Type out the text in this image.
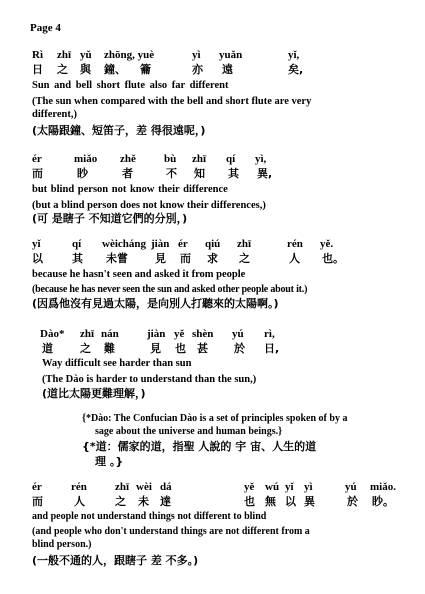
Page 4
Rì zhī yǔ zhōng, yuè	yì yuǎn	yǐ,
日 之 與 鐘、 籥	亦 遠	矣,
Sun and bell short flute also far different
(The sun when compared with the bell and short flute are very
different,)
(太陽跟鐘、短笛子，差 得很遠呢，)
ér	miǎo zhě	bù zhī qí yì,
而	眇	者	不 知 其 異,
but blind person not know their difference
(but a blind person does not know their differences,)
(可 是瞎子 不知道它們的分別，)
yǐ	qí wèicháng jiàn ér qiú zhī	rén yě.
以	其 未嘗 見 而 求 之	人 也。
because he hasn't seen and asked it from people
(because he has never seen the sun and asked other people about it.)
(因爲他沒有見過太陽，是向別人打聽來的太陽啊。)
Dào* zhī nán	jiàn yě shèn yú rì,
道 之 難	見 也 甚 於 日,
Way difficult see harder than sun
(The Dào is harder to understand than the sun,)
(道比太陽更難理解，)
{*Dào: The Confucian Dào is a set of principles spoken of by a
sage about the universe and human beings.}
{*道：儒家的道，指聖 人說的 宇 宙、人生的道
理 。}
ér	rén	zhī wèi dá	yě wú yǐ yì	yú miǎo.
而	人	之 未 達	也 無 以 異	於 眇。
and people not understand things not different to blind
(and people who don't understand things are not different from a
blind person.)
(一般不通的人，跟瞎子 差 不多。)
